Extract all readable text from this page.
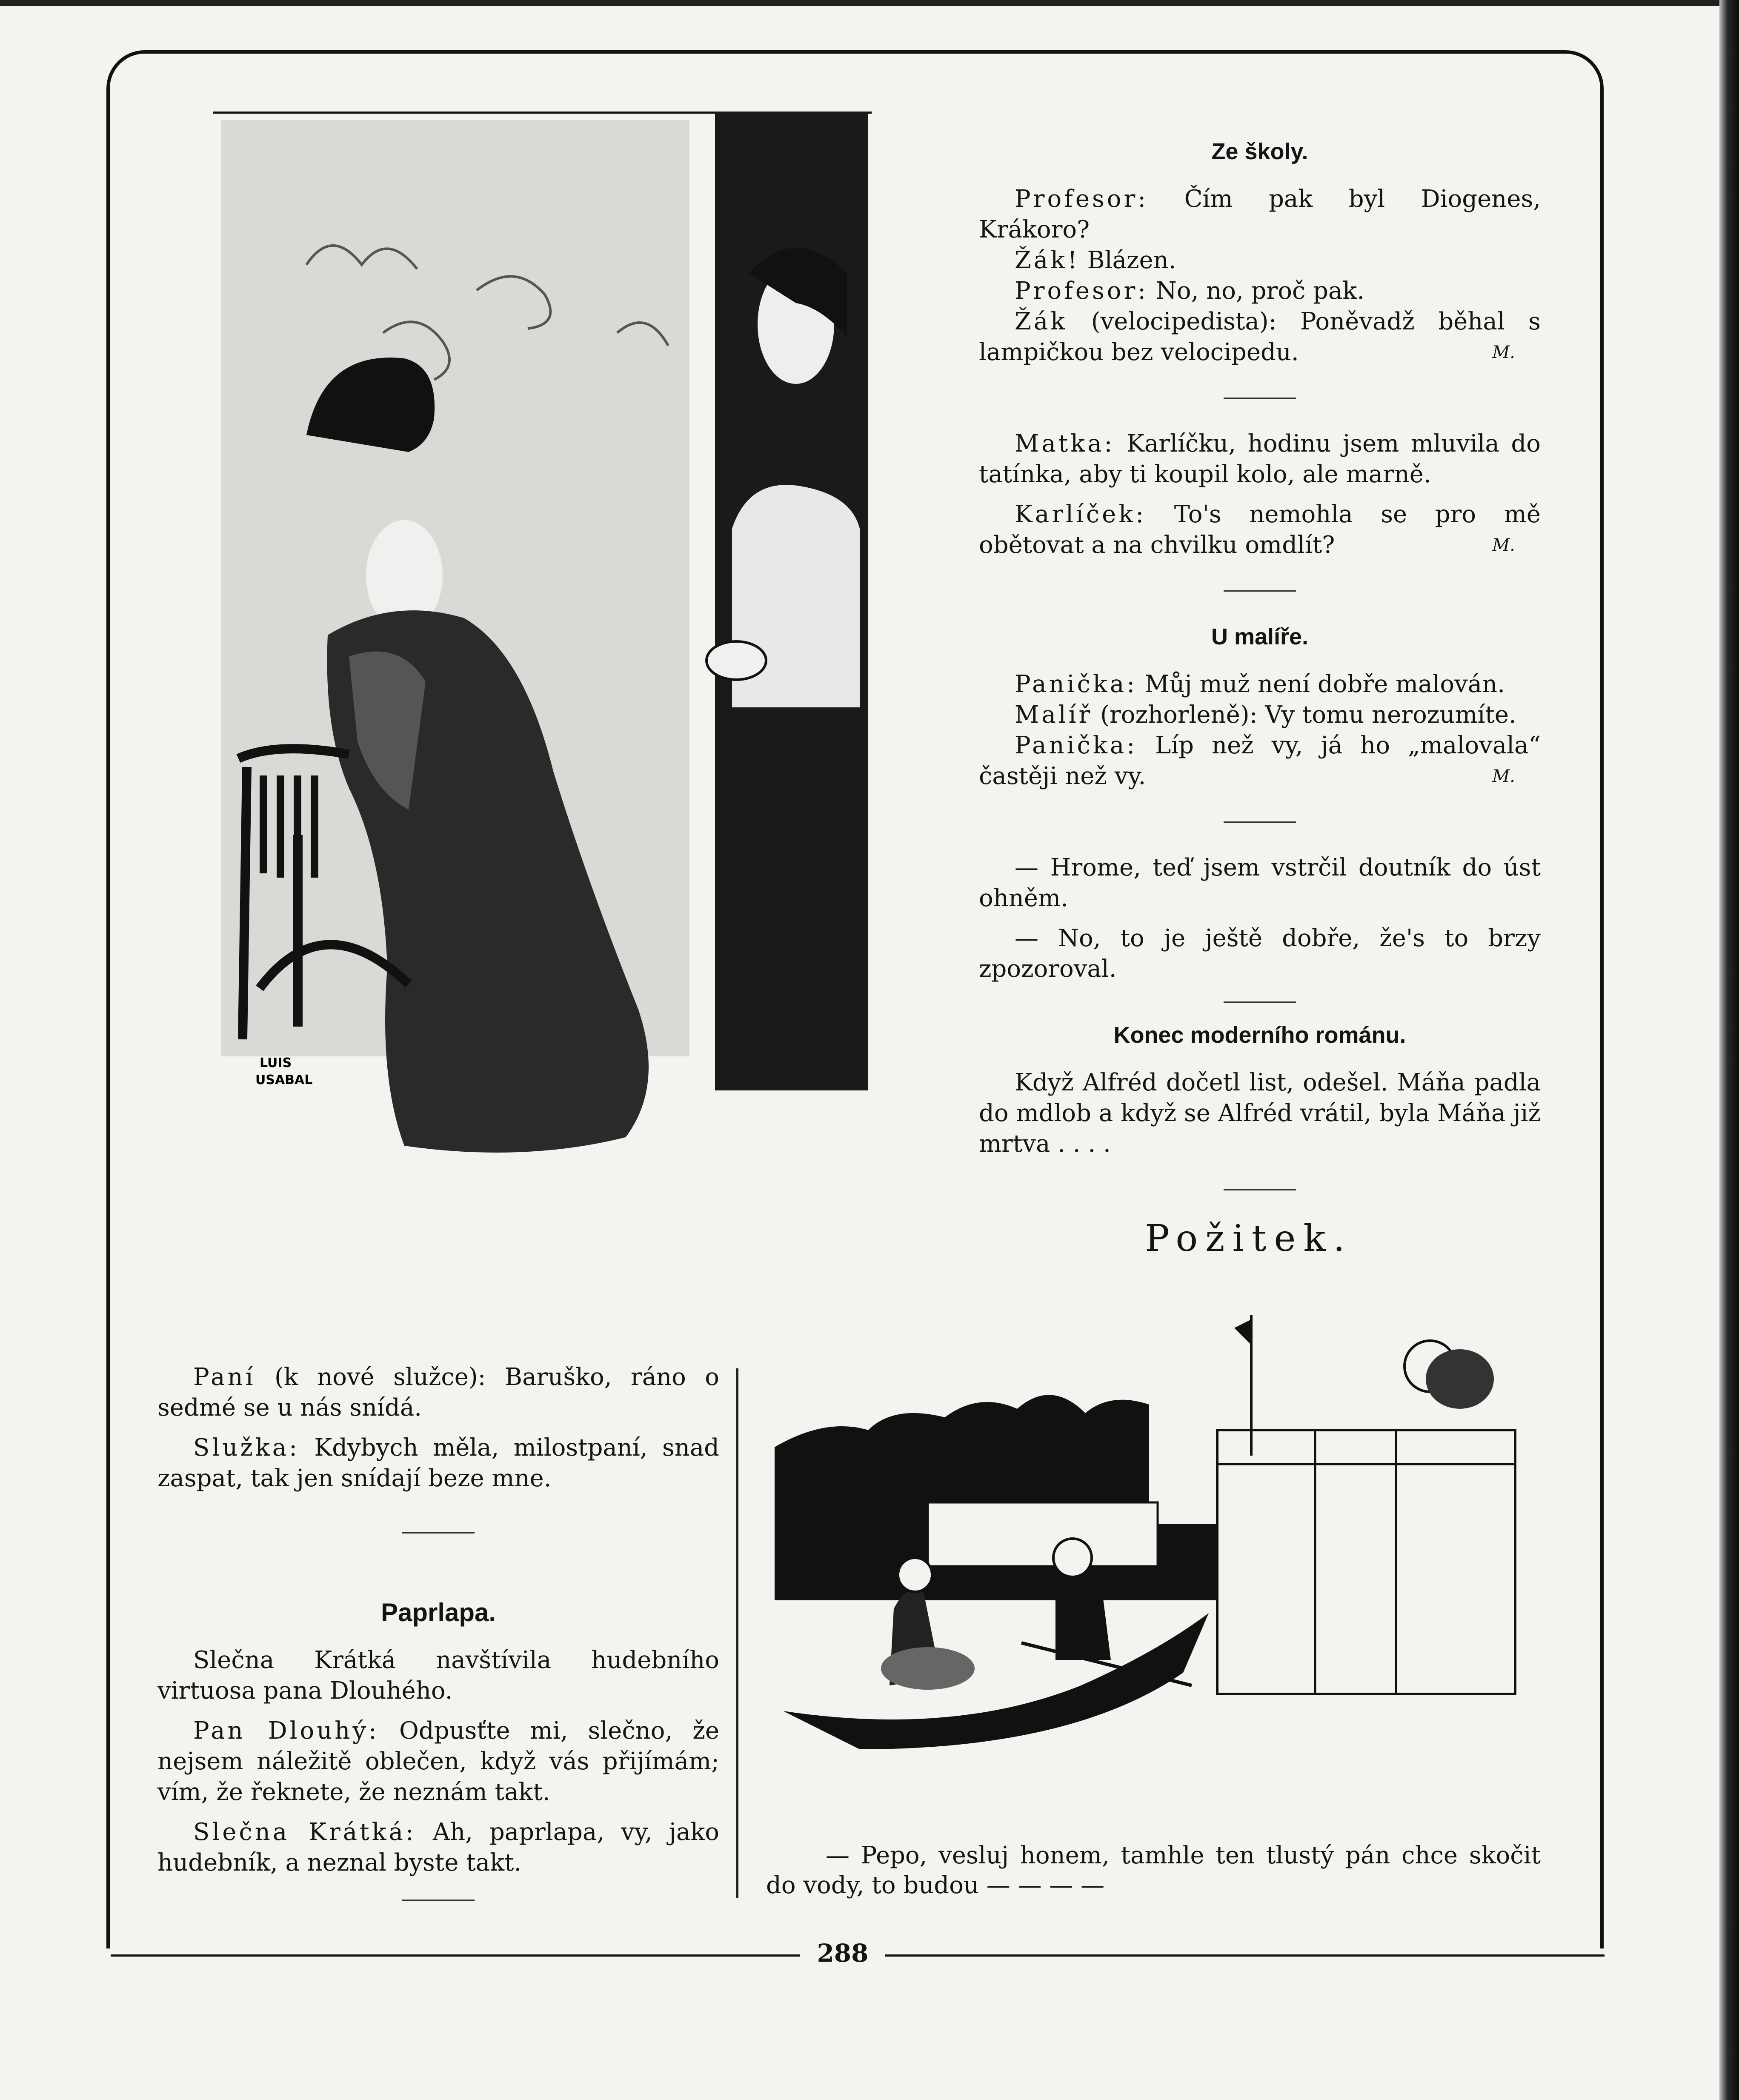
LUIS
USABAL
Ze školy.

Profesor: Čím pak byl Diogenes, Krákoro?

Žák! Blázen.

Profesor: No, no, proč pak.

Žák (velocipedista): Poněvadž běhal s lampičkou bez velocipedu.	M.

Matka: Karlíčku, hodinu jsem mluvila do tatínka, aby ti koupil kolo, ale marně.

Karlíček: To's nemohla se pro mě obětovat a na chvilku omdlít?	M.

U malíře.

Panička: Můj muž není dobře malován.

Malíř (rozhorleně): Vy tomu nerozumíte.

Panička: Líp než vy, já ho „malovala“ častěji než vy.	M.

— Hrome, teď jsem vstrčil doutník do úst ohněm.

— No, to je ještě dobře, že's to brzy zpozoroval.

Konec moderního románu.

Když Alfréd dočetl list, odešel. Máňa padla do mdlob a když se Alfréd vrátil, byla Máňa již mrtva . . . .

Požitek.

Paní (k nové služce): Baruško, ráno o sedmé se u nás snídá.

Služka: Kdybych měla, milostpaní, snad zaspat, tak jen snídají beze mne.

Paprlapa.

Slečna Krátká navštívila hudebního virtuosa pana Dlouhého.

Pan Dlouhý: Odpusťte mi, slečno, že nejsem náležitě oblečen, když vás přijímám; vím, že řeknete, že neznám takt.

Slečna Krátká: Ah, paprlapa, vy, jako hudebník, a neznal byste takt.	— Pepo, vesluj honem, tamhle ten tlustý pán chce skočit do vody, to budou — — — —

288
